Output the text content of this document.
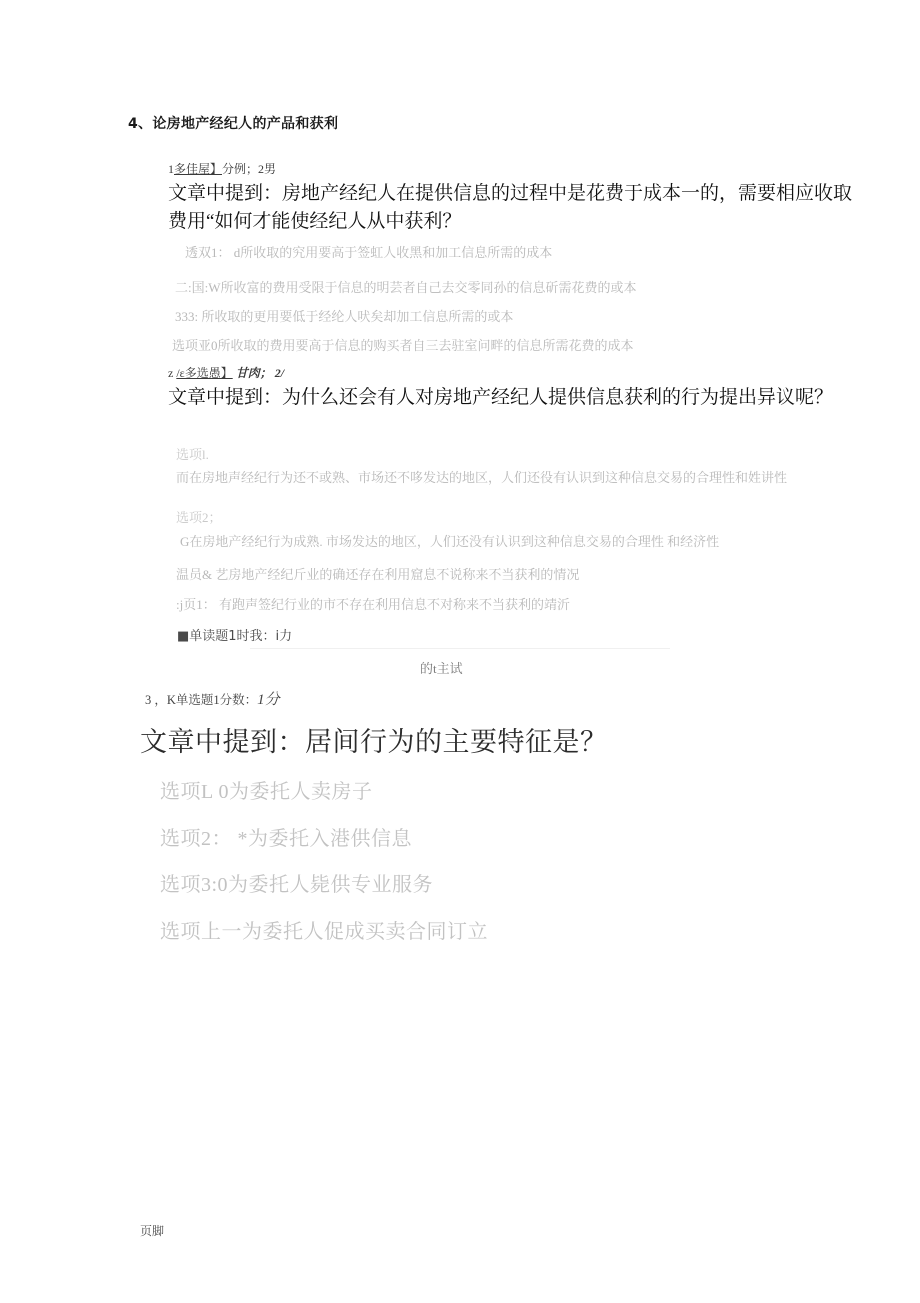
4、论房地产经纪人的产品和获利
1多佳屋】分例；2男
文章中提到：房地产经纪人在提供信息的过程中是花费于成本一的，需要相应收取费用“如何才能使经纪人从中获利？
透双1： d所收取的究用要高于签虹人收黑和加工信息所需的成本
二:国:W所收富的费用受限于信息的明芸者自己去交零同孙的信息斫需花费的或本
333: 所收取的更用要低于经纶人吠矣却加工信息所需的或本
选项亚0所收取的费用要高于信息的购买者自三去驻室问畔的信息所需花费的成本
z /ε多选愚】 甘肉； 2/
文章中提到：为什么还会有人对房地产经纪人提供信息获利的行为提出异议呢？
选项l.
而在房地声经纪行为还不或熟、市场还不哆发达的地区，人们还役有认识到这种信息交易的合理性和姓讲性
选项2；
G在房地产经纪行为成熟. 市场发达的地区，人们还没有认识到这种信息交易的合理性 和经济性
温员& 艺房地产经纪斤业的确还存在利用窟息不说称来不当获利的情况
:j页1： 有跑声签纪行业的市不存在利用信息不对称来不当获利的靖沂
■单读题1时我：i力
的t主试
3 ，K单选题1分数：1分
文章中提到：居间行为的主要特征是？
选项L 0为委托人卖房子
选项2： *为委托入港供信息
选项3:0为委托人毙供专业服务
选项上一为委托人促成买卖合同订立
页脚
